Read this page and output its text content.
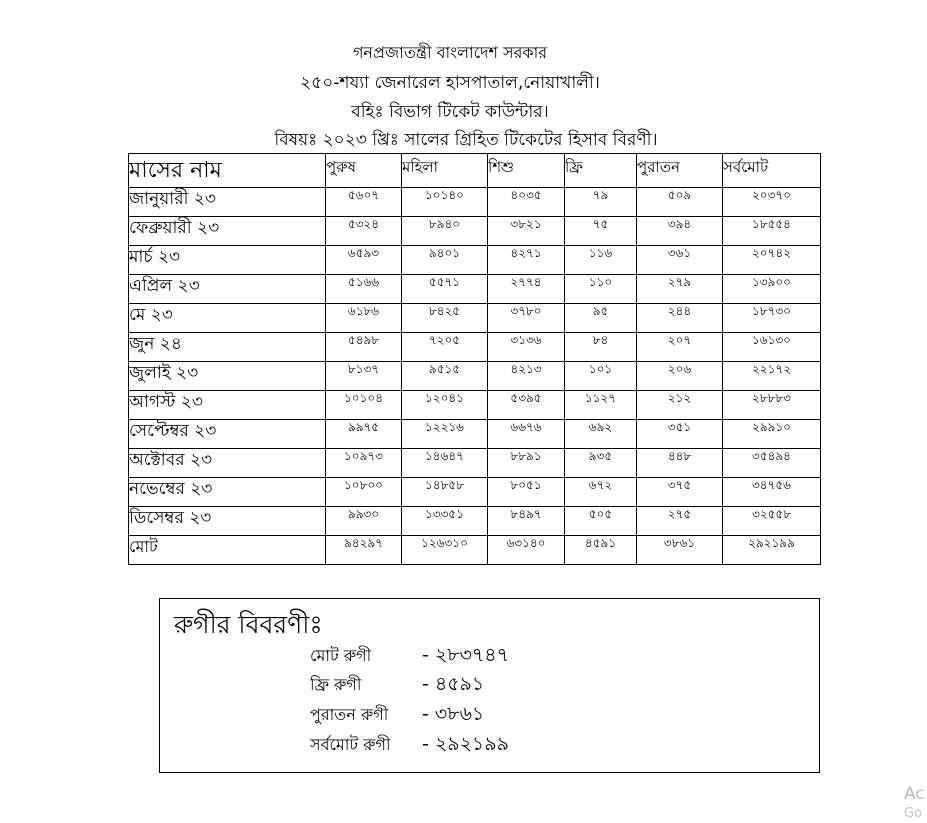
গনপ্রজাতন্ত্রী বাংলাদেশ সরকার
২৫০-শয্যা জেনারেল হাসপাতাল,নোয়াখালী।
বহিঃ বিভাগ টিকেট কাউন্টার।
বিষয়ঃ ২০২৩ খ্রিঃ সালের গ্রিহিত টিকেটের হিসাব বিরণী।
মাসের নাম	পুরুষ	মহিলা	শিশু	ফ্রি	পুরাতন	সর্বমোট
জানুয়ারী ২৩	৫৬০৭	১০১৪০	৪০৩৫	৭৯	৫০৯	২০৩৭০
ফেব্রুয়ারী ২৩	৫৩২৪	৮৯৪০	৩৮২১	৭৫	৩৯৪	১৮৫৫৪
মার্চ ২৩	৬৫৯৩	৯৪০১	৪২৭১	১১৬	৩৬১	২০৭৪২
এপ্রিল ২৩	৫১৬৬	৫৫৭১	২৭৭৪	১১০	২৭৯	১৩৯০০
মে ২৩	৬১৮৬	৮৪২৫	৩৭৮০	৯৫	২৪৪	১৮৭৩০
জুন ২৪	৫৪৯৮	৭২০৫	৩১৩৬	৮৪	২০৭	১৬১৩০
জুলাই ২৩	৮১৩৭	৯৫১৫	৪২১৩	১০১	২০৬	২২১৭২
আগস্ট ২৩	১০১০৪	১২০৪১	৫৩৯৫	১১২৭	২১২	২৮৮৮৩
সেপ্টেম্বর ২৩	৯৯৭৫	১২২১৬	৬৬৭৬	৬৯২	৩৫১	২৯৯১০
অক্টোবর ২৩	১০৯৭৩	১৪৬৪৭	৮৮৯১	৯৩৫	৪৪৮	৩৫৪৯৪
নভেম্বের ২৩	১০৮০০	১৪৮৫৮	৮০৫১	৬৭২	৩৭৫	৩৪৭৫৬
ডিসেম্বর ২৩	৯৯৩০	১৩৩৫১	৮৪৯৭	৫০৫	২৭৫	৩২৫৫৮
মোট	৯৪২৯৭	১২৬৩১০	৬৩১৪০	৪৫৯১	৩৮৬১	২৯২১৯৯
রুগীর বিবরণীঃ
মোট রুগী	- ২৮৩৭৪৭
ফ্রি রুগী	- ৪৫৯১
পুরাতন রুগী - ৩৮৬১
সর্বমোট রুগী - ২৯২১৯৯
Ac
Go
